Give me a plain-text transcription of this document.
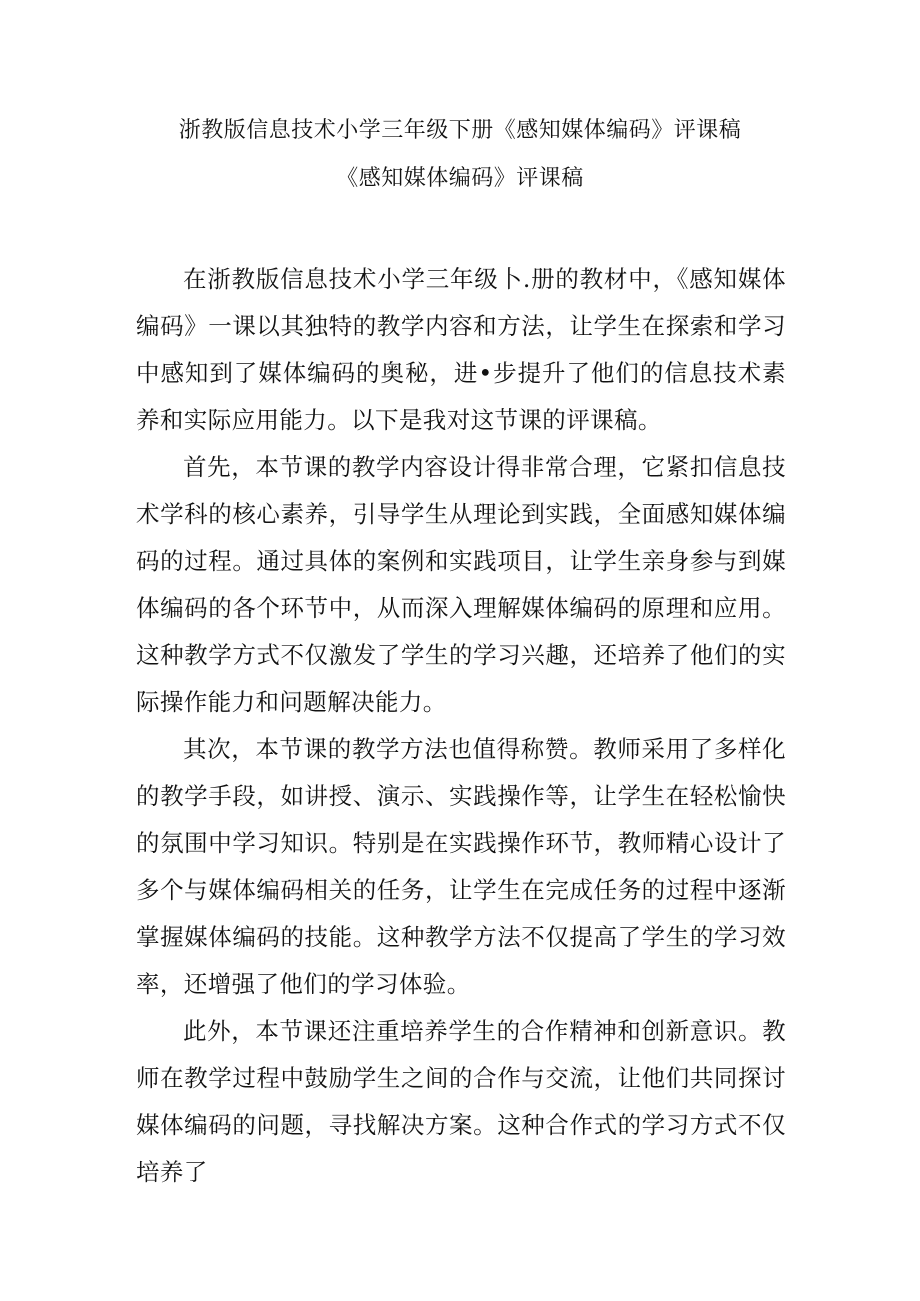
浙教版信息技术小学三年级下册《感知媒体编码》评课稿
《感知媒体编码》评课稿

在浙教版信息技术小学三年级卜.册的教材中，《感知媒体编码》一课以其独特的教学内容和方法，让学生在探索和学习中感知到了媒体编码的奥秘，进•步提升了他们的信息技术素养和实际应用能力。以下是我对这节课的评课稿。

首先，本节课的教学内容设计得非常合理，它紧扣信息技术学科的核心素养，引导学生从理论到实践，全面感知媒体编码的过程。通过具体的案例和实践项目，让学生亲身参与到媒体编码的各个环节中，从而深入理解媒体编码的原理和应用。这种教学方式不仅激发了学生的学习兴趣，还培养了他们的实际操作能力和问题解决能力。

其次，本节课的教学方法也值得称赞。教师采用了多样化的教学手段，如讲授、演示、实践操作等，让学生在轻松愉快的氛围中学习知识。特别是在实践操作环节，教师精心设计了多个与媒体编码相关的任务，让学生在完成任务的过程中逐渐掌握媒体编码的技能。这种教学方法不仅提高了学生的学习效率，还增强了他们的学习体验。

此外，本节课还注重培养学生的合作精神和创新意识。教师在教学过程中鼓励学生之间的合作与交流，让他们共同探讨媒体编码的问题，寻找解决方案。这种合作式的学习方式不仅培养了
